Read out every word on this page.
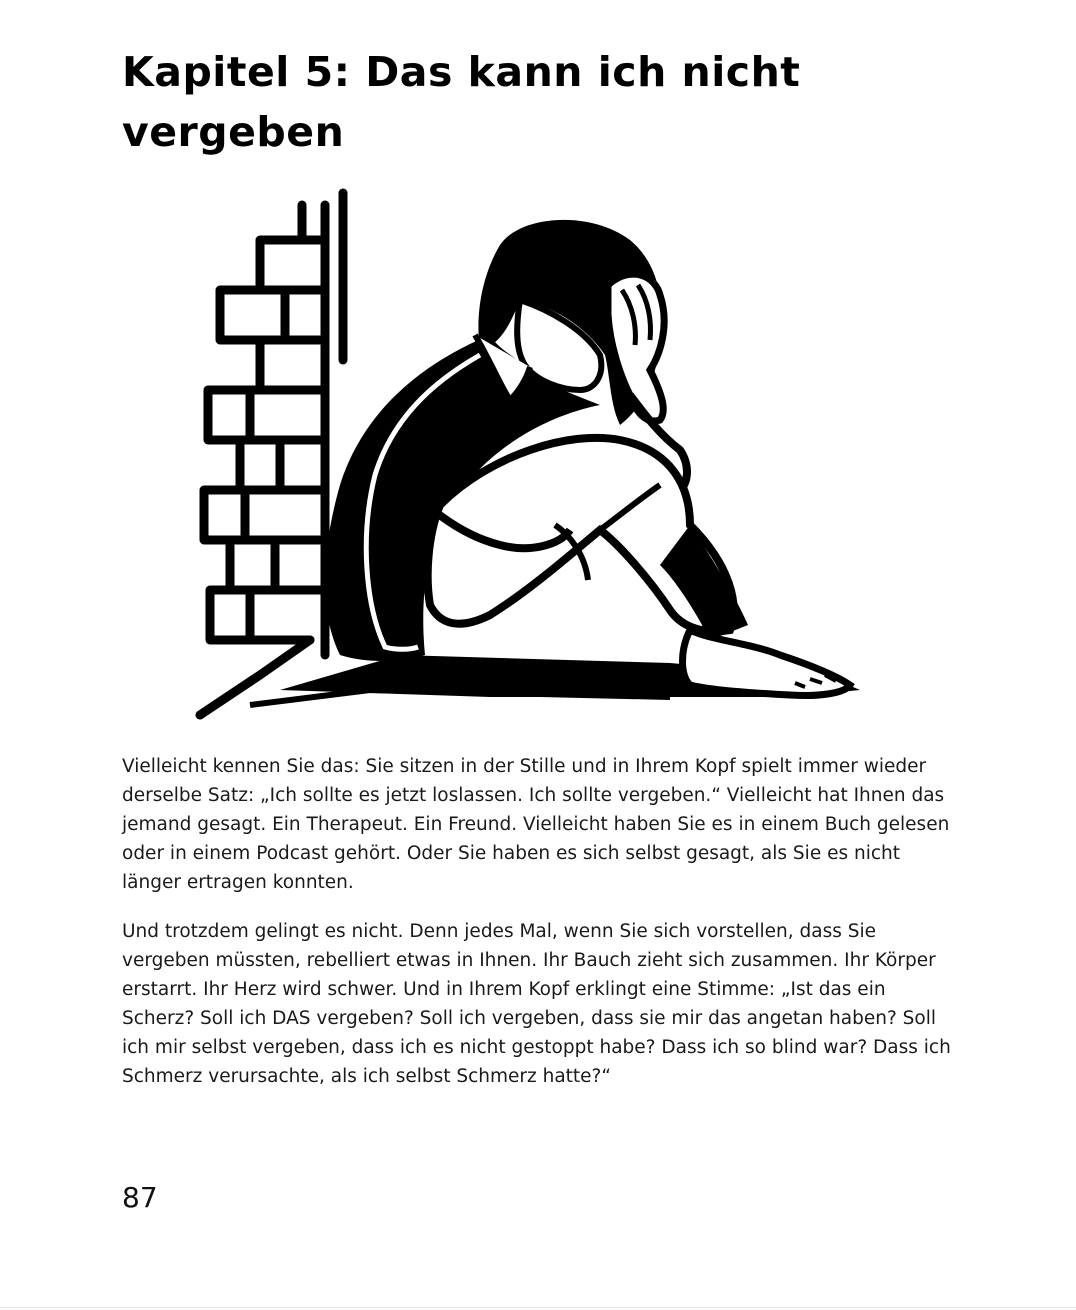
Kapitel 5: Das kann ich nicht vergeben

Vielleicht kennen Sie das: Sie sitzen in der Stille und in Ihrem Kopf spielt immer wieder derselbe Satz: „Ich sollte es jetzt loslassen. Ich sollte vergeben.“ Vielleicht hat Ihnen das jemand gesagt. Ein Therapeut. Ein Freund. Vielleicht haben Sie es in einem Buch gelesen oder in einem Podcast gehört. Oder Sie haben es sich selbst gesagt, als Sie es nicht länger ertragen konnten.

Und trotzdem gelingt es nicht. Denn jedes Mal, wenn Sie sich vorstellen, dass Sie vergeben müssten, rebelliert etwas in Ihnen. Ihr Bauch zieht sich zusammen. Ihr Körper erstarrt. Ihr Herz wird schwer. Und in Ihrem Kopf erklingt eine Stimme: „Ist das ein Scherz? Soll ich DAS vergeben? Soll ich vergeben, dass sie mir das angetan haben? Soll ich mir selbst vergeben, dass ich es nicht gestoppt habe? Dass ich so blind war? Dass ich Schmerz verursachte, als ich selbst Schmerz hatte?“

87
